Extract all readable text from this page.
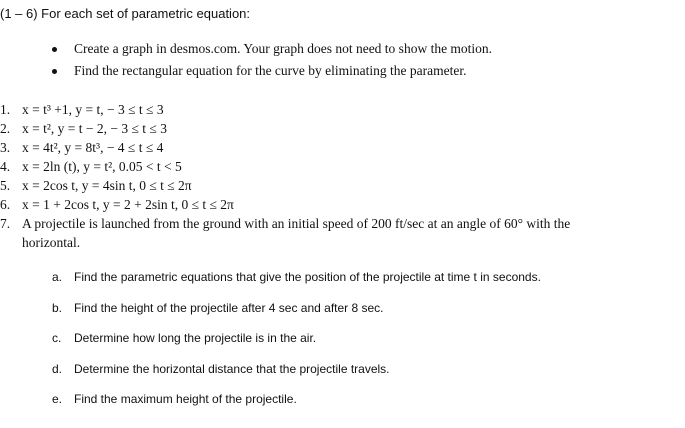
(1 – 6) For each set of parametric equation:
Create a graph in desmos.com. Your graph does not need to show the motion.
Find the rectangular equation for the curve by eliminating the parameter.
1. x = t³ +1, y = t, − 3 ≤ t ≤ 3
2. x = t², y = t − 2, − 3 ≤ t ≤ 3
3. x = 4t², y = 8t³, − 4 ≤ t ≤ 4
4. x = 2ln (t), y = t², 0.05 < t < 5
5. x = 2cos t, y = 4sin t, 0 ≤ t ≤ 2π
6. x = 1 + 2cos t, y = 2 + 2sin t, 0 ≤ t ≤ 2π
7. A projectile is launched from the ground with an initial speed of 200 ft/sec at an angle of 60° with the
horizontal.
a. Find the parametric equations that give the position of the projectile at time t in seconds.
b. Find the height of the projectile after 4 sec and after 8 sec.
c.	Determine how long the projectile is in the air.
d. Determine the horizontal distance that the projectile travels.
e. Find the maximum height of the projectile.
